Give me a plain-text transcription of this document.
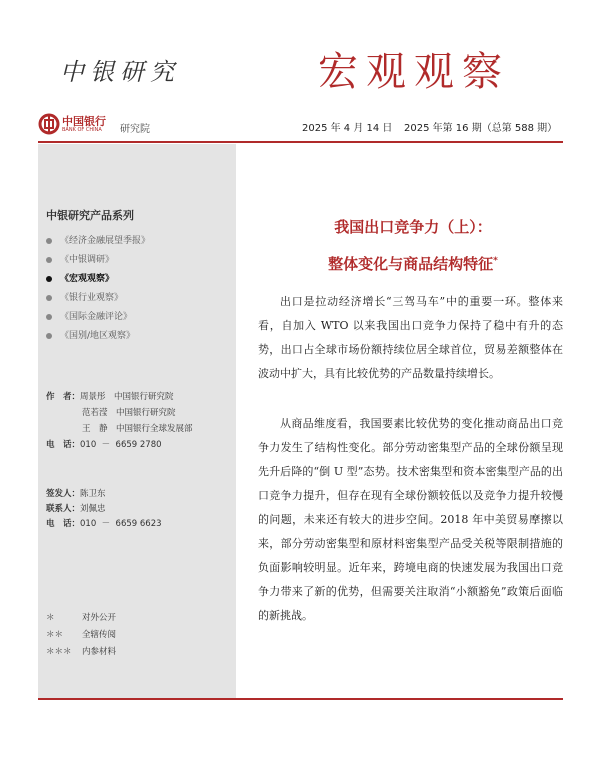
中银研究	宏观观察
中国银行
BANK OF CHINA 研究院	2025 年 4 月 14 日 2025 年第 16 期（总第 588 期）
中银研究产品系列
《经济金融展望季报》
《中银调研》
《宏观观察》
《银行业观察》
《国际金融评论》
《国别/地区观察》
作　者：周景彤　中国银行研究院
范若滢　中国银行研究院
王　静　中国银行全球发展部
电　话：010  －  6659 2780
签发人：陈卫东
联系人：刘佩忠
电　话：010  －  6659 6623
＊	对外公开
＊＊ 全辖传阅
＊＊＊ 内参材料
我国出口竞争力（上）：
整体变化与商品结构特征*

出口是拉动经济增长“三驾马车”中的重要一环。整体来看，自加入 WTO 以来我国出口竞争力保持了稳中有升的态势，出口占全球市场份额持续位居全球首位，贸易差额整体在波动中扩大，具有比较优势的产品数量持续增长。

从商品维度看，我国要素比较优势的变化推动商品出口竞争力发生了结构性变化。部分劳动密集型产品的全球份额呈现先升后降的“倒 U 型”态势。技术密集型和资本密集型产品的出口竞争力提升，但存在现有全球份额较低以及竞争力提升较慢的问题，未来还有较大的进步空间。2018 年中美贸易摩擦以来，部分劳动密集型和原材料密集型产品受关税等限制措施的负面影响较明显。近年来，跨境电商的快速发展为我国出口竞争力带来了新的优势，但需要关注取消“小额豁免”政策后面临的新挑战。
